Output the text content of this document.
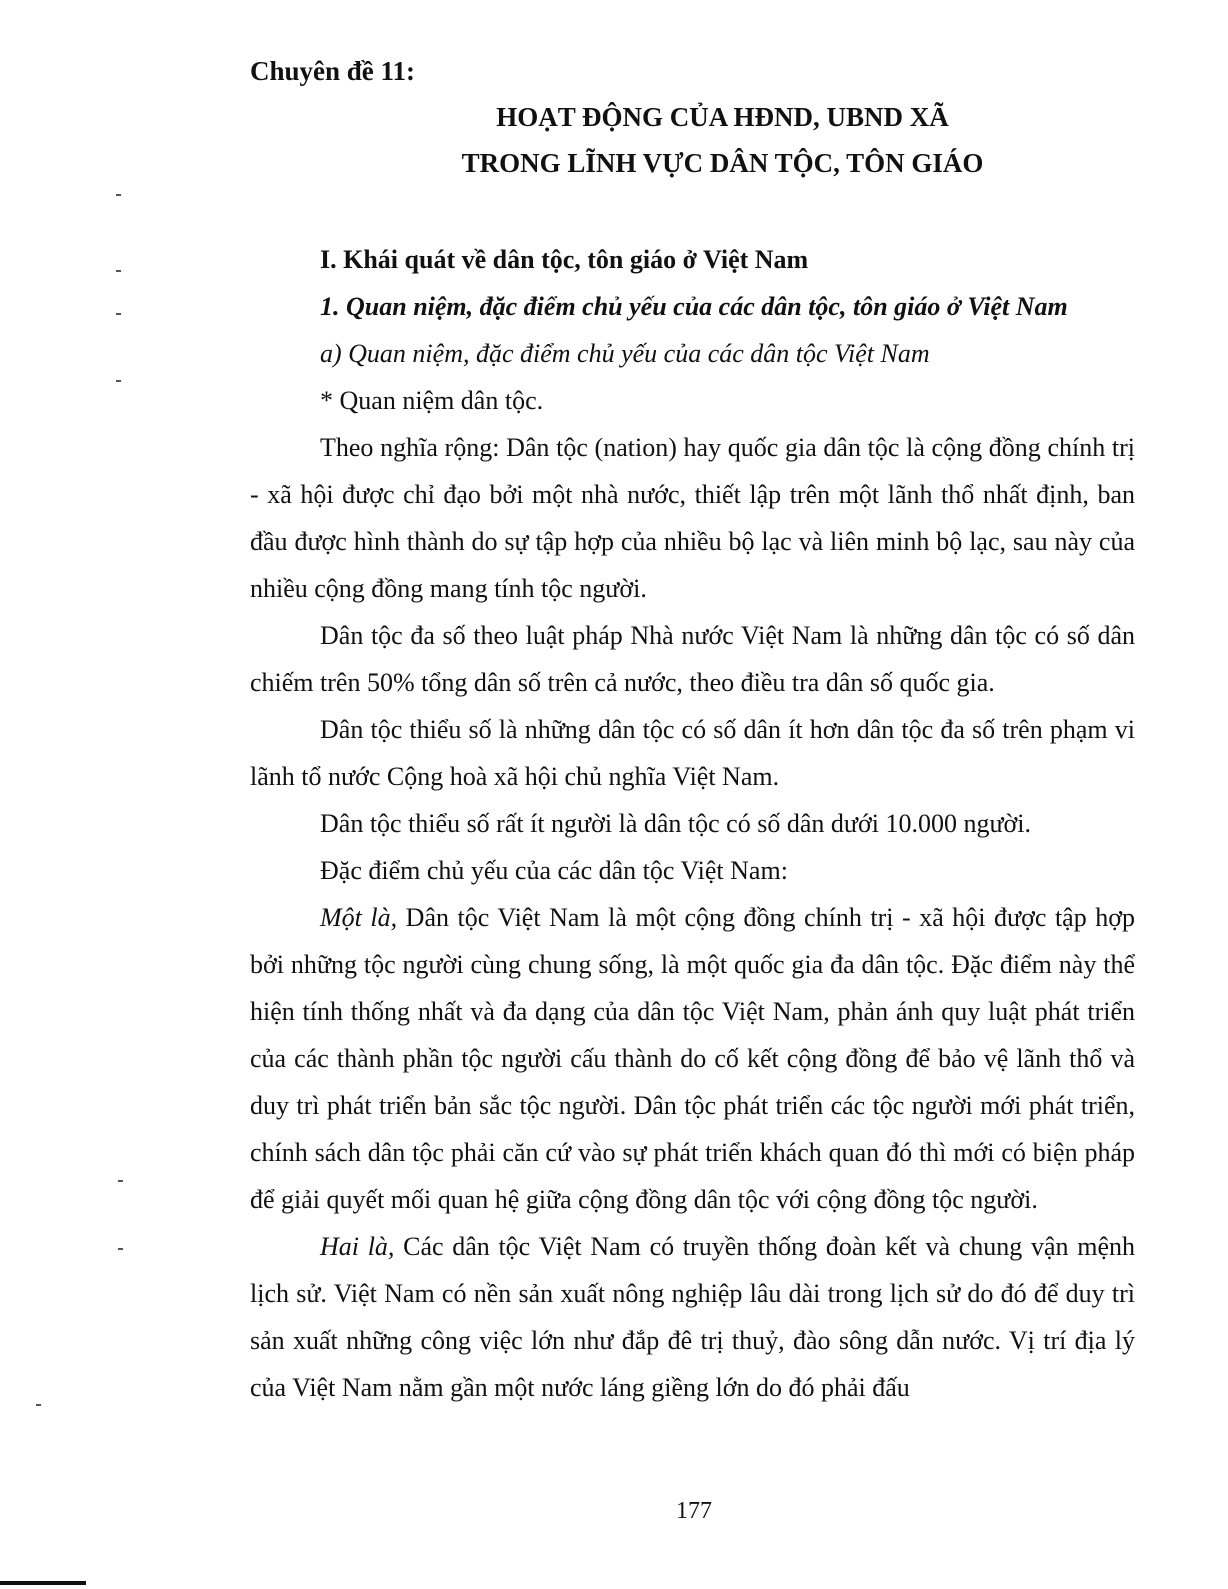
Chuyên đề 11:

HOẠT ĐỘNG CỦA HĐND, UBND XÃ

TRONG LĨNH VỰC DÂN TỘC, TÔN GIÁO

I. Khái quát về dân tộc, tôn giáo ở Việt Nam

1. Quan niệm, đặc điểm chủ yếu của các dân tộc, tôn giáo ở Việt Nam

a) Quan niệm, đặc điểm chủ yếu của các dân tộc Việt Nam

* Quan niệm dân tộc.

Theo nghĩa rộng: Dân tộc (nation) hay quốc gia dân tộc là cộng đồng chính trị - xã hội được chỉ đạo bởi một nhà nước, thiết lập trên một lãnh thổ nhất định, ban đầu được hình thành do sự tập hợp của nhiều bộ lạc và liên minh bộ lạc, sau này của nhiều cộng đồng mang tính tộc người.

Dân tộc đa số theo luật pháp Nhà nước Việt Nam là những dân tộc có số dân chiếm trên 50% tổng dân số trên cả nước, theo điều tra dân số quốc gia.

Dân tộc thiểu số là những dân tộc có số dân ít hơn dân tộc đa số trên phạm vi lãnh tổ nước Cộng hoà xã hội chủ nghĩa Việt Nam.

Dân tộc thiểu số rất ít người là dân tộc có số dân dưới 10.000 người.

Đặc điểm chủ yếu của các dân tộc Việt Nam:

Một là, Dân tộc Việt Nam là một cộng đồng chính trị - xã hội được tập hợp bởi những tộc người cùng chung sống, là một quốc gia đa dân tộc. Đặc điểm này thể hiện tính thống nhất và đa dạng của dân tộc Việt Nam, phản ánh quy luật phát triển của các thành phần tộc người cấu thành do cố kết cộng đồng để bảo vệ lãnh thổ và duy trì phát triển bản sắc tộc người. Dân tộc phát triển các tộc người mới phát triển, chính sách dân tộc phải căn cứ vào sự phát triển khách quan đó thì mới có biện pháp để giải quyết mối quan hệ giữa cộng đồng dân tộc với cộng đồng tộc người.

Hai là, Các dân tộc Việt Nam có truyền thống đoàn kết và chung vận mệnh lịch sử. Việt Nam có nền sản xuất nông nghiệp lâu dài trong lịch sử do đó để duy trì sản xuất những công việc lớn như đắp đê trị thuỷ, đào sông dẫn nước. Vị trí địa lý của Việt Nam nằm gần một nước láng giềng lớn do đó phải đấu

177
